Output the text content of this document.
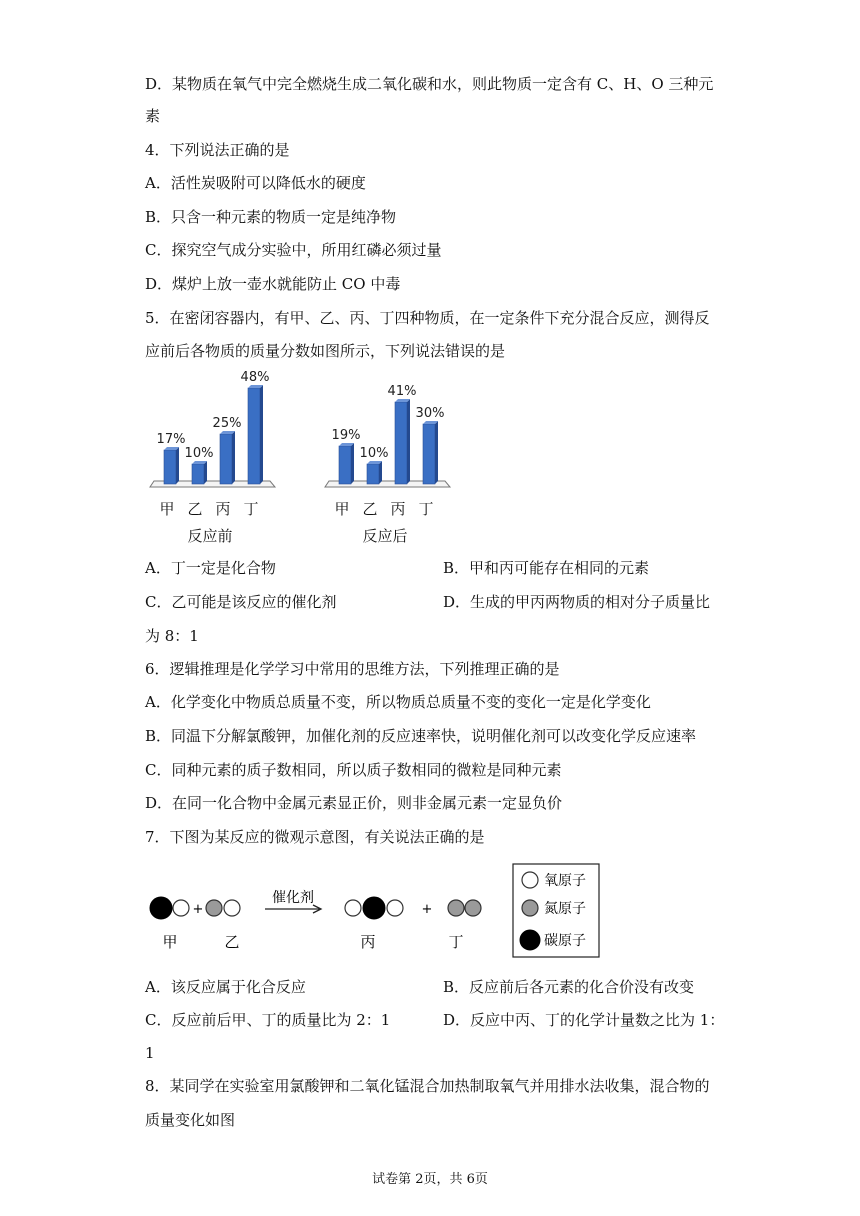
D．某物质在氧气中完全燃烧生成二氧化碳和水，则此物质一定含有 C、H、O 三种元
素
4．下列说法正确的是
A．活性炭吸附可以降低水的硬度
B．只含一种元素的物质一定是纯净物
C．探究空气成分实验中，所用红磷必须过量
D．煤炉上放一壶水就能防止 CO 中毒
5．在密闭容器内，有甲、乙、丙、丁四种物质，在一定条件下充分混合反应，测得反
应前后各物质的质量分数如图所示，下列说法错误的是
17%
甲
10%
乙
25%
丙
48%
丁
反应前
19%
甲
10%
乙
41%
丙
30%
丁
反应后
A．丁一定是化合物	B．甲和丙可能存在相同的元素
C．乙可能是该反应的催化剂	D．生成的甲丙两物质的相对分子质量比
为 8：1
6．逻辑推理是化学学习中常用的思维方法，下列推理正确的是
A．化学变化中物质总质量不变，所以物质总质量不变的变化一定是化学变化
B．同温下分解氯酸钾，加催化剂的反应速率快，说明催化剂可以改变化学反应速率
C．同种元素的质子数相同，所以质子数相同的微粒是同种元素
D．在同一化合物中金属元素显正价，则非金属元素一定显负价
7．下图为某反应的微观示意图，有关说法正确的是
+
催化剂
+
甲	乙	丙	丁
氧原子
氮原子
碳原子
A．该反应属于化合反应	B．反应前后各元素的化合价没有改变
C．反应前后甲、丁的质量比为 2：1	D．反应中丙、丁的化学计量数之比为 1：
1
8．某同学在实验室用氯酸钾和二氧化锰混合加热制取氧气并用排水法收集，混合物的
质量变化如图
试卷第 2页，共 6页
